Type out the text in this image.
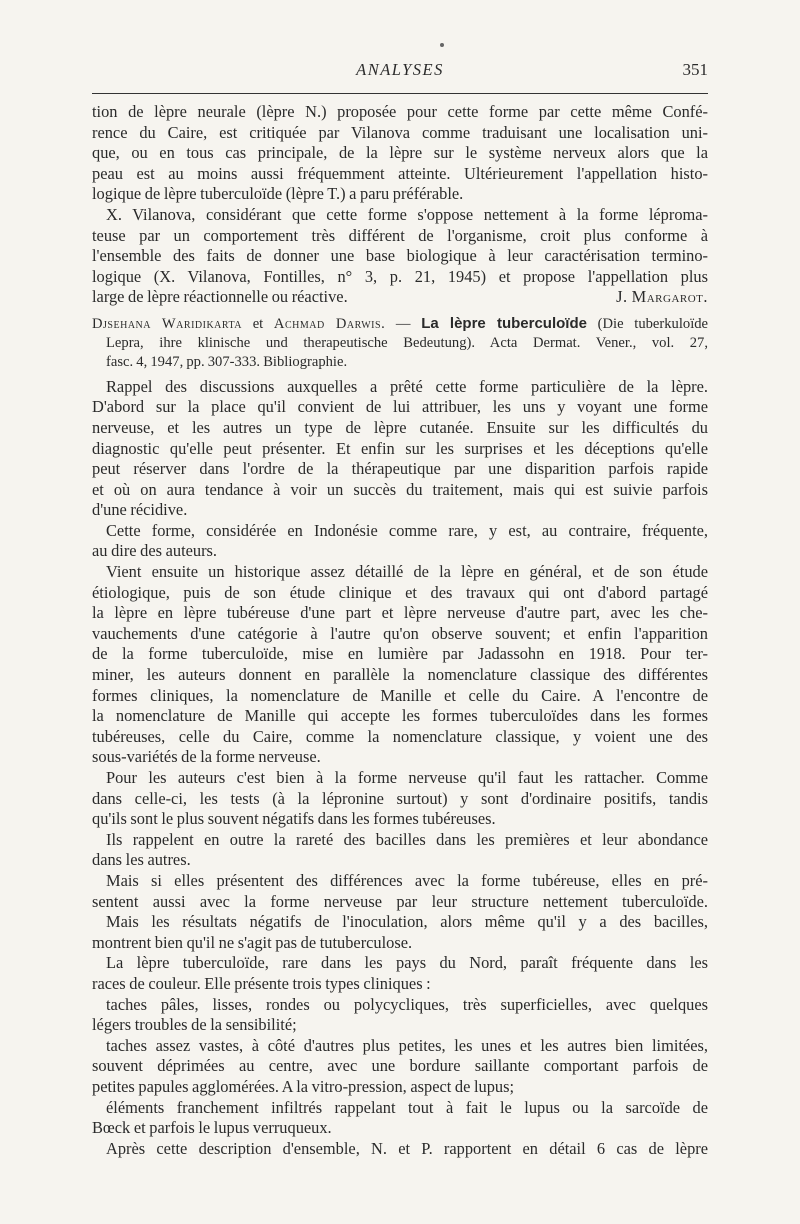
ANALYSES	351
tion de lèpre neurale (lèpre N.) proposée pour cette forme par cette même Confé-
rence du Caire, est critiquée par Vilanova comme traduisant une localisation uni-
que, ou en tous cas principale, de la lèpre sur le système nerveux alors que la
peau est au moins aussi fréquemment atteinte. Ultérieurement l'appellation histo-
logique de lèpre tuberculoïde (lèpre T.) a paru préférable.
X. Vilanova, considérant que cette forme s'oppose nettement à la forme léproma-
teuse par un comportement très différent de l'organisme, croit plus conforme à
l'ensemble des faits de donner une base biologique à leur caractérisation termino-
logique (X. Vilanova, Fontilles, n° 3, p. 21, 1945) et propose l'appellation plus
large de lèpre réactionnelle ou réactive.	J. Margarot.
Djsehana Waridikarta et Achmad Darwis. — La lèpre tuberculoïde (Die tuberkuloïde
Lepra, ihre klinische und therapeutische Bedeutung). Acta Dermat. Vener., vol. 27,
fasc. 4, 1947, pp. 307-333. Bibliographie.
Rappel des discussions auxquelles a prêté cette forme particulière de la lèpre.
D'abord sur la place qu'il convient de lui attribuer, les uns y voyant une forme
nerveuse, et les autres un type de lèpre cutanée. Ensuite sur les difficultés du
diagnostic qu'elle peut présenter. Et enfin sur les surprises et les déceptions qu'elle
peut réserver dans l'ordre de la thérapeutique par une disparition parfois rapide
et où on aura tendance à voir un succès du traitement, mais qui est suivie parfois
d'une récidive.
Cette forme, considérée en Indonésie comme rare, y est, au contraire, fréquente,
au dire des auteurs.
Vient ensuite un historique assez détaillé de la lèpre en général, et de son étude
étiologique, puis de son étude clinique et des travaux qui ont d'abord partagé
la lèpre en lèpre tubéreuse d'une part et lèpre nerveuse d'autre part, avec les che-
vauchements d'une catégorie à l'autre qu'on observe souvent; et enfin l'apparition
de la forme tuberculoïde, mise en lumière par Jadassohn en 1918. Pour ter-
miner, les auteurs donnent en parallèle la nomenclature classique des différentes
formes cliniques, la nomenclature de Manille et celle du Caire. A l'encontre de
la nomenclature de Manille qui accepte les formes tuberculoïdes dans les formes
tubéreuses, celle du Caire, comme la nomenclature classique, y voient une des
sous-variétés de la forme nerveuse.
Pour les auteurs c'est bien à la forme nerveuse qu'il faut les rattacher. Comme
dans celle-ci, les tests (à la léproninе surtout) y sont d'ordinaire positifs, tandis
qu'ils sont le plus souvent négatifs dans les formes tubéreuses.
Ils rappelent en outre la rareté des bacilles dans les premières et leur abondance
dans les autres.
Mais si elles présentent des différences avec la forme tubéreuse, elles en pré-
sentent aussi avec la forme nerveuse par leur structure nettement tuberculoïde.
Mais les résultats négatifs de l'inoculation, alors même qu'il y a des bacilles,
montrent bien qu'il ne s'agit pas de tutuberculose.
La lèpre tuberculoïde, rare dans les pays du Nord, paraît fréquente dans les
races de couleur. Elle présente trois types cliniques :
taches pâles, lisses, rondes ou polycycliques, très superficielles, avec quelques
légers troubles de la sensibilité;
taches assez vastes, à côté d'autres plus petites, les unes et les autres bien limitées,
souvent déprimées au centre, avec une bordure saillante comportant parfois de
petites papules agglomérées. A la vitro-pression, aspect de lupus;
éléments franchement infiltrés rappelant tout à fait le lupus ou la sarcoïde de
Bœck et parfois le lupus verruqueux.
Après cette description d'ensemble, N. et P. rapportent en détail 6 cas de lèpre
